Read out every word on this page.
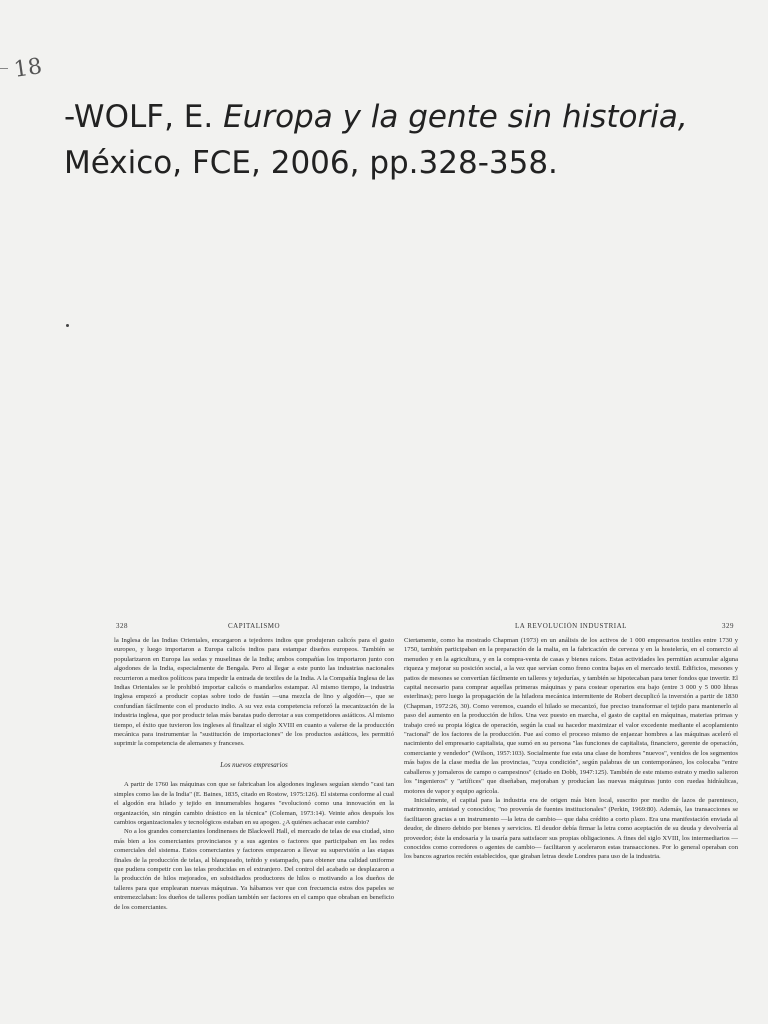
18
-WOLF, E. Europa y la gente sin historia,
México, FCE, 2006, pp.328-358.
328	CAPITALISMO

la Inglesa de las Indias Orientales, encargaron a tejedores indios que produjeran calicós para el gusto europeo, y luego importaron a Europa calicós indios para estampar diseños europeos. También se popularizaron en Europa las sedas y muselinas de la India; ambos compañías los importaron junto con algodones de la India, especialmente de Bengala. Pero al llegar a este punto las industrias nacionales recurrieron a medios políticos para impedir la entrada de textiles de la India. A la Compañía Inglesa de las Indias Orientales se le prohibió importar calicós o mandarlos estampar. Al mismo tiempo, la industria inglesa empezó a producir copias sobre todo de fustán —una mezcla de lino y algodón—, que se confundían fácilmente con el producto indio. A su vez esta competencia reforzó la mecanización de la industria inglesa, que por producir telas más baratas pudo derrotar a sus competidores asiáticos. Al mismo tiempo, el éxito que tuvieron los ingleses al finalizar el siglo XVIII en cuanto a valerse de la producción mecánica para instrumentar la "sustitución de importaciones" de los productos asiáticos, les permitió suprimir la competencia de alemanes y franceses.

Los nuevos empresarios

A partir de 1760 las máquinas con que se fabricaban los algodones ingleses seguían siendo "casi tan simples como las de la India" (E. Baines, 1835, citado en Rostow, 1975:126). El sistema conforme al cual el algodón era hilado y tejido en innumerables hogares "evolucionó como una innovación en la organización, sin ningún cambio drástico en la técnica" (Coleman, 1973:14). Veinte años después los cambios organizacionales y tecnológicos estaban en su apogeo. ¿A quiénes achacar este cambio?

No a los grandes comerciantes londinenses de Blackwell Hall, el mercado de telas de esa ciudad, sino más bien a los comerciantes provincianos y a sus agentes o factores que participaban en las redes comerciales del sistema. Estos comerciantes y factores empezaron a llevar su supervisión a las etapas finales de la producción de telas, al blanqueado, teñido y estampado, para obtener una calidad uniforme que pudiera competir con las telas producidas en el extranjero. Del control del acabado se desplazaron a la producción de hilos mejorados, en subsidiados productores de hilos o motivando a los dueños de talleres para que emplearan nuevas máquinas. Ya hábamos ver que con frecuencia estos dos papeles se entremezclaban: los dueños de talleres podían también ser factores en el campo que obraban en beneficio de los comerciantes.

LA REVOLUCIÓN INDUSTRIAL	329

Ciertamente, como ha mostrado Chapman (1973) en un análisis de los activos de 1 000 empresarios textiles entre 1730 y 1750, también participaban en la preparación de la malta, en la fabricación de cerveza y en la hostelería, en el comercio al menudeo y en la agricultura, y en la compra-venta de casas y bienes raíces. Estas actividades les permitían acumular alguna riqueza y mejorar su posición social, a la vez que servían como freno contra bajas en el mercado textil. Edificios, mesones y patios de mesones se convertían fácilmente en talleres y tejedurías, y también se hipotecaban para tener fondos que invertir. El capital necesario para comprar aquellas primeras máquinas y para costear operarios era bajo (entre 3 000 y 5 000 libras esterlinas); pero luego la propagación de la hiladora mecánica intermitente de Robert decuplicó la inversión a partir de 1830 (Chapman, 1972:26, 30). Como veremos, cuando el hilado se mecanizó, fue preciso transformar el tejido para mantenerlo al paso del aumento en la producción de hilos. Una vez puesto en marcha, el gasto de capital en máquinas, materias primas y trabajo creó su propia lógica de operación, según la cual su hacedor maximizar el valor excedente mediante el acoplamiento "racional" de los factores de la producción. Fue así como el proceso mismo de enjaezar hombres a las máquinas aceleró el nacimiento del empresario capitalista, que sumó en su persona "las funciones de capitalista, financiero, gerente de operación, comerciante y vendedor" (Wilson, 1957:103). Socialmente fue esta una clase de hombres "nuevos", venidos de los segmentos más bajos de la clase media de las provincias, "cuya condición", según palabras de un contemporáneo, los colocaba "entre caballeros y jornaleros de campo o campesinos" (citado en Dobb, 1947:125). También de este mismo estrato y medio salieron los "ingenieros" y "artífices" que diseñaban, mejoraban y producían las nuevas máquinas junto con ruedas hidráulicas, motores de vapor y equipo agrícola.

Inicialmente, el capital para la industria era de origen más bien local, suscrito por medio de lazos de parentesco, matrimonio, amistad y conocidos; "no provenía de fuentes institucionales" (Perkin, 1969:80). Además, las transacciones se facilitaron gracias a un instrumento —la letra de cambio— que daba crédito a corto plazo. Era una manifestación enviada al deudor, de dinero debido por bienes y servicios. El deudor debía firmar la letra como aceptación de su deuda y devolvería al proveedor; éste la endosaría y la usaría para satisfacer sus propias obligaciones. A fines del siglo XVIII, los intermediarios —conocidos como corredores o agentes de cambio— facilitaron y aceleraron estas transacciones. Por lo general operaban con los bancos agrarios recién establecidos, que giraban letras desde Londres para uso de la industria.
